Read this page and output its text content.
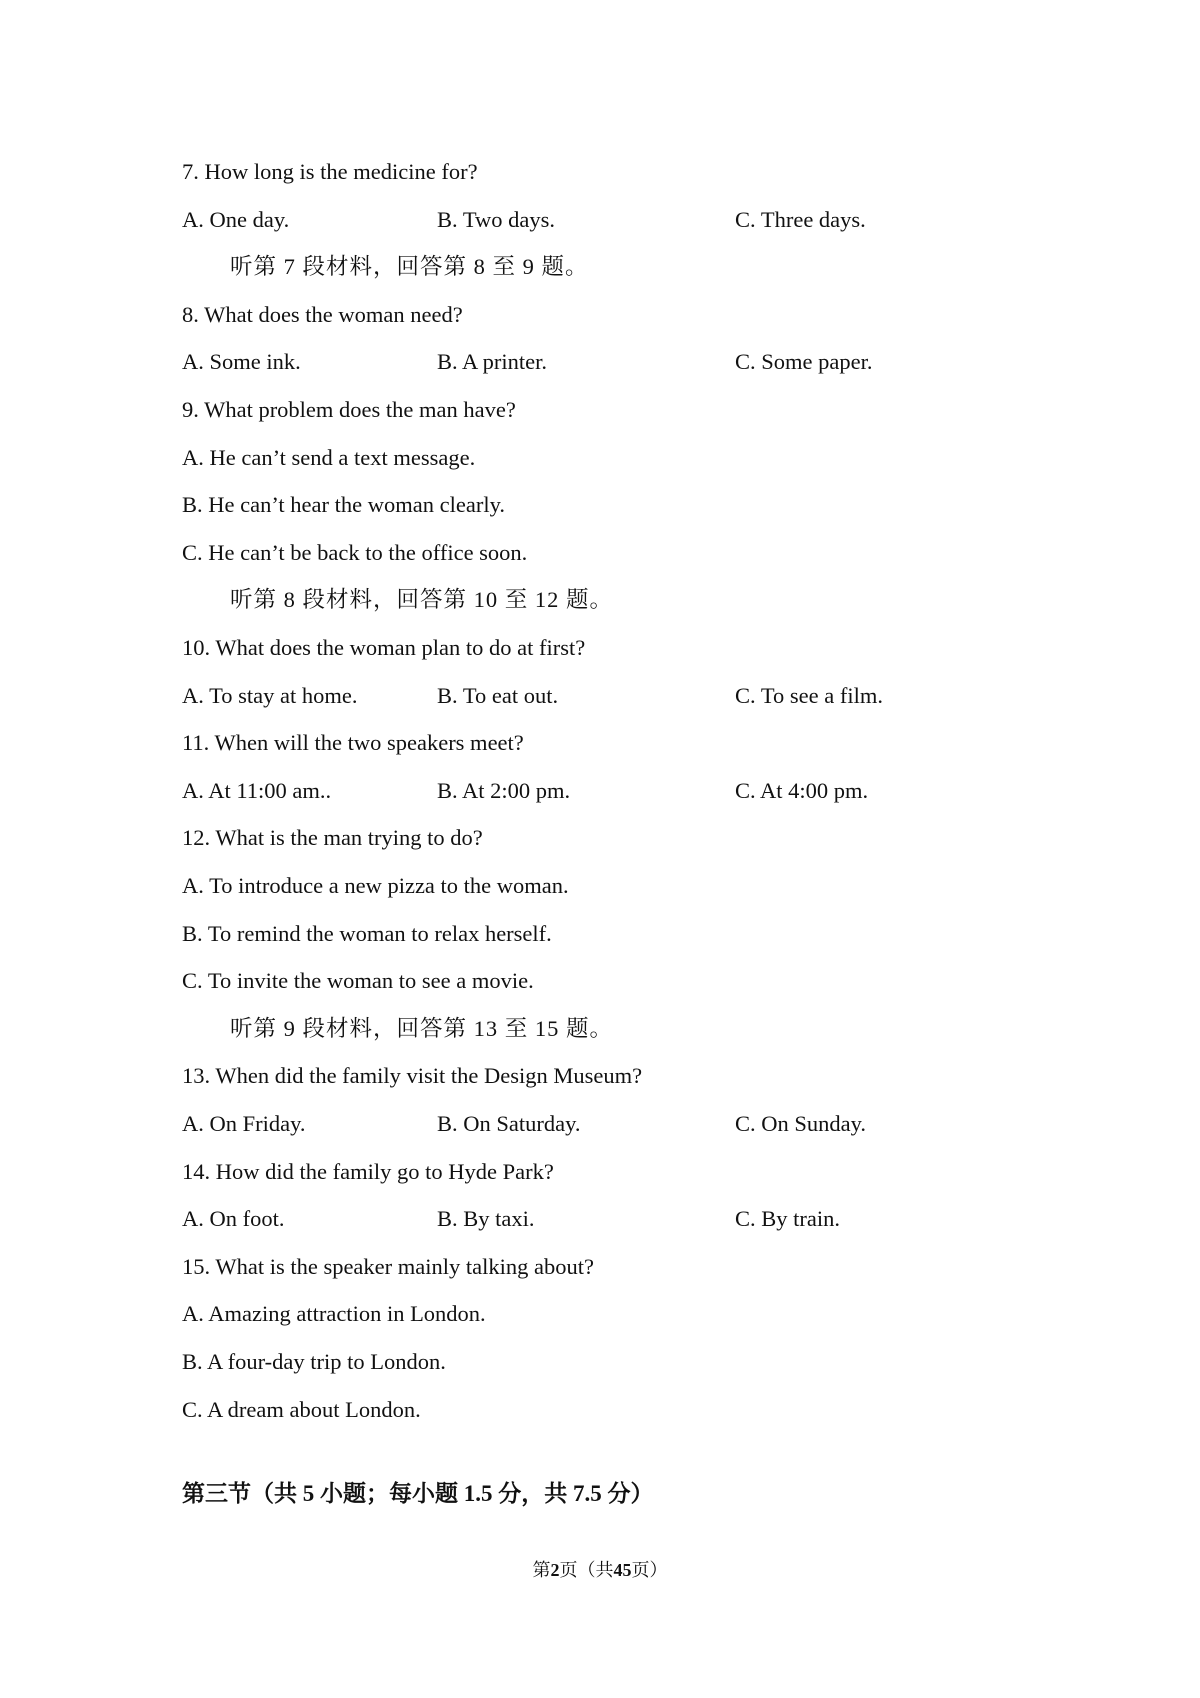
7. How long is the medicine for?
A. One day.	B. Two days.	C. Three days.
听第 7 段材料，回答第 8 至 9 题。
8. What does the woman need?
A. Some ink.	B. A printer.	C. Some paper.
9. What problem does the man have?
A. He can’t send a text message.
B. He can’t hear the woman clearly.
C. He can’t be back to the office soon.
听第 8 段材料，回答第 10 至 12 题。
10. What does the woman plan to do at first?
A. To stay at home.	B. To eat out.	C. To see a film.
11. When will the two speakers meet?
A. At 11:00 am..	B. At 2:00 pm.	C. At 4:00 pm.
12. What is the man trying to do?
A. To introduce a new pizza to the woman.
B. To remind the woman to relax herself.
C. To invite the woman to see a movie.
听第 9 段材料，回答第 13 至 15 题。
13. When did the family visit the Design Museum?
A. On Friday.	B. On Saturday.	C. On Sunday.
14. How did the family go to Hyde Park?
A. On foot.	B. By taxi.	C. By train.
15. What is the speaker mainly talking about?
A. Amazing attraction in London.
B. A four-day trip to London.
C. A dream about London.
第三节（共 5 小题；每小题 1.5 分，共 7.5 分）
第2页（共45页）
